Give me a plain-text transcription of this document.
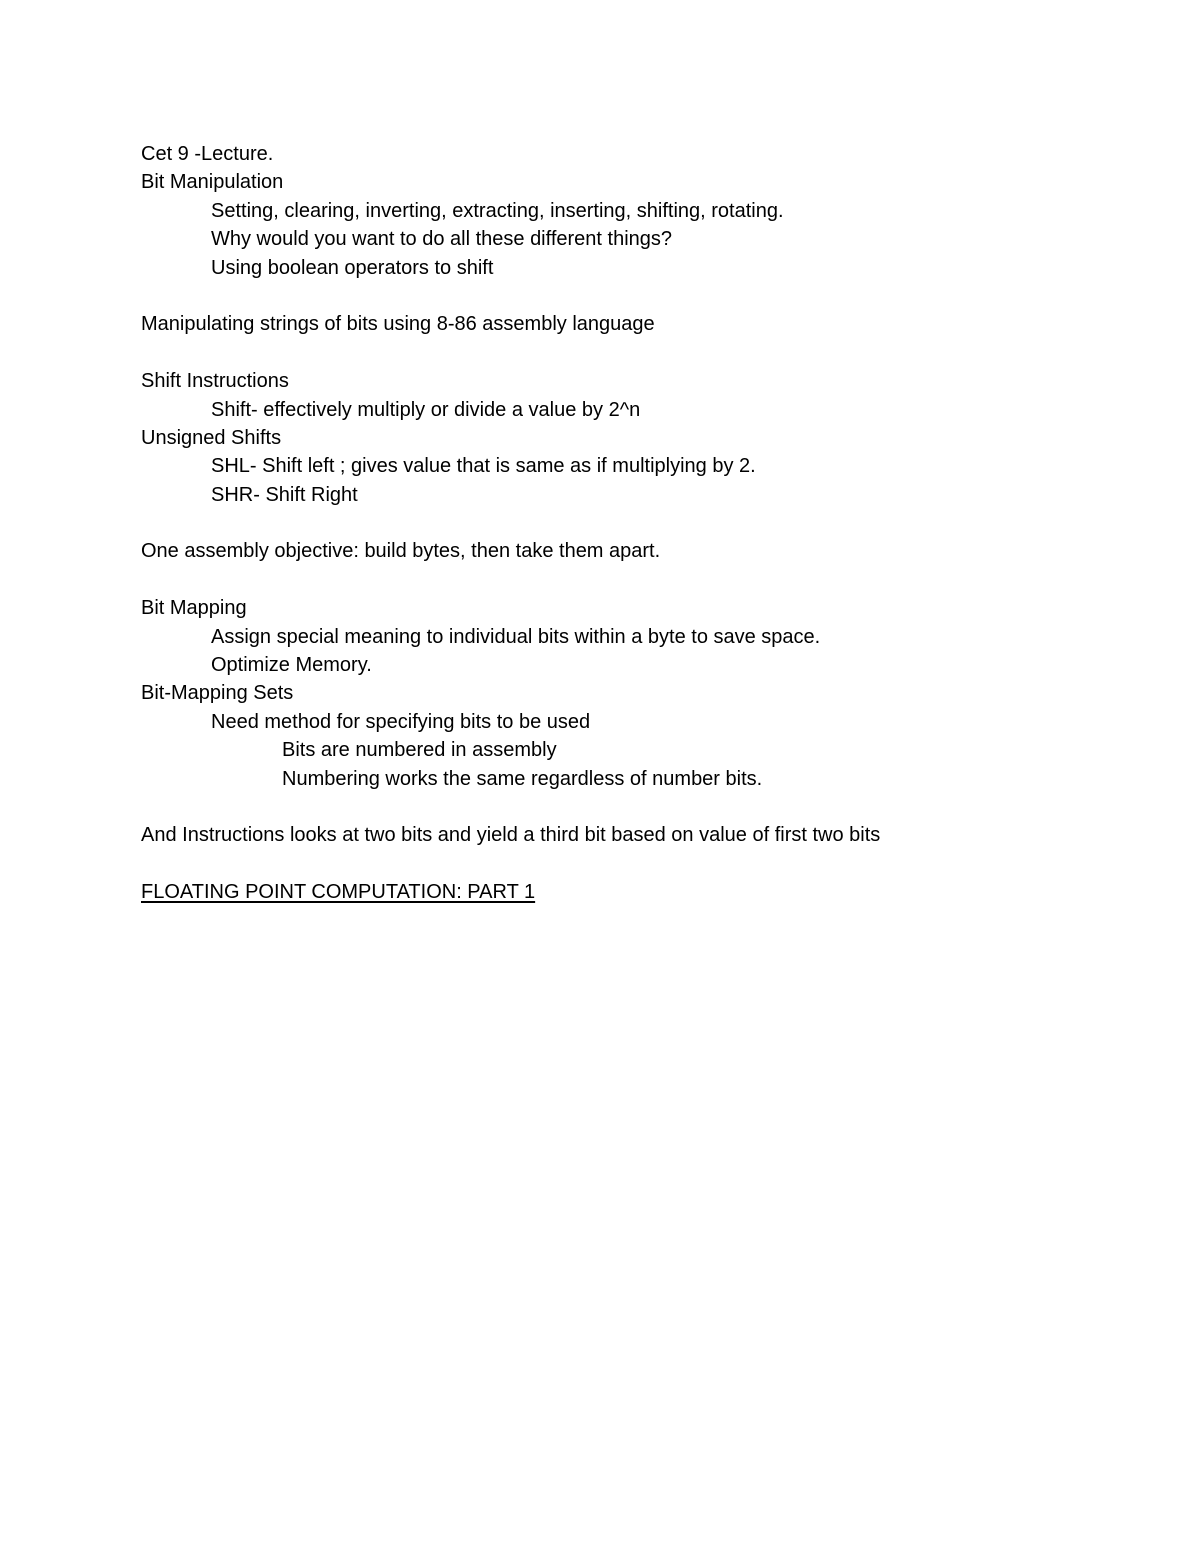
Cet 9 -Lecture.
Bit Manipulation
Setting, clearing, inverting, extracting, inserting, shifting, rotating.
Why would you want to do all these different things?
Using boolean operators to shift
Manipulating strings of bits using 8-86 assembly language
Shift Instructions
Shift- effectively multiply or divide a value by 2^n
Unsigned Shifts
SHL- Shift left ; gives value that is same as if multiplying by 2.
SHR- Shift Right
One assembly objective: build bytes, then take them apart.
Bit Mapping
Assign special meaning to individual bits within a byte to save space.
Optimize Memory.
Bit-Mapping Sets
Need method for specifying bits to be used
Bits are numbered in assembly
Numbering works the same regardless of number bits.
And Instructions looks at two bits and yield a third bit based on value of first two bits
FLOATING POINT COMPUTATION: PART 1
